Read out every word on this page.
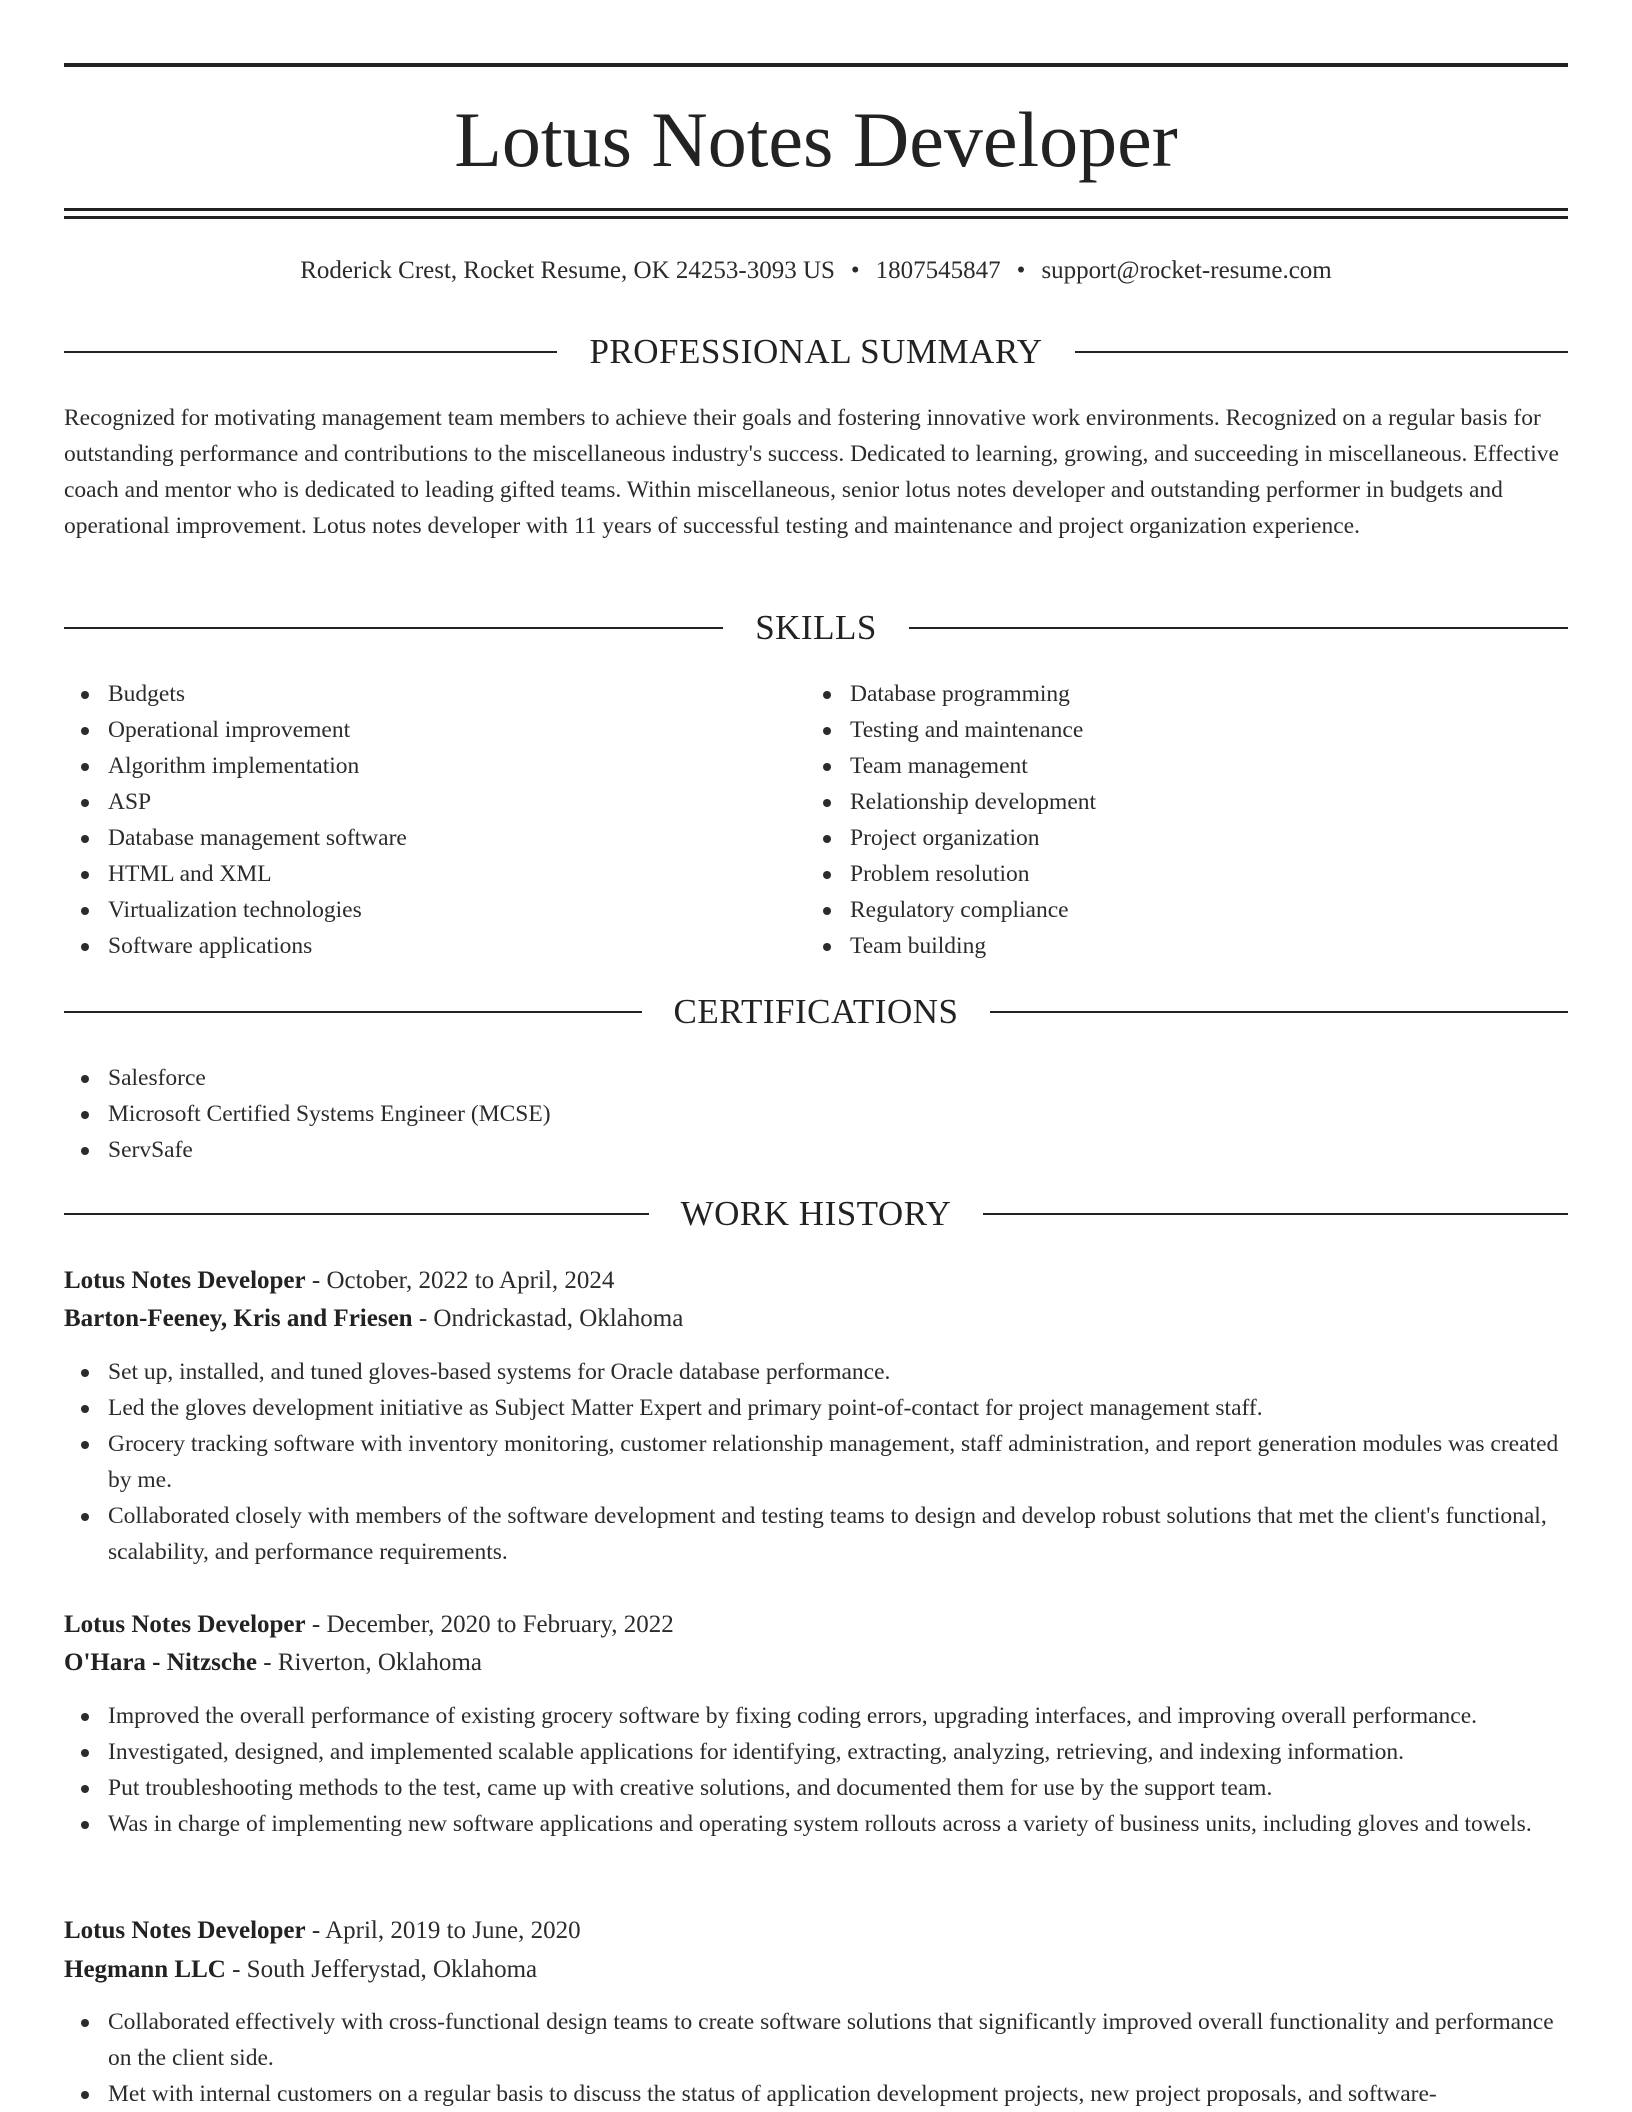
Lotus Notes Developer
Roderick Crest, Rocket Resume, OK 24253-3093 US • 1807545847 • support@rocket-resume.com
PROFESSIONAL SUMMARY

Recognized for motivating management team members to achieve their goals and fostering innovative work environments. Recognized on a regular basis for outstanding performance and contributions to the miscellaneous industry's success. Dedicated to learning, growing, and succeeding in miscellaneous. Effective coach and mentor who is dedicated to leading gifted teams. Within miscellaneous, senior lotus notes developer and outstanding performer in budgets and operational improvement. Lotus notes developer with 11 years of successful testing and maintenance and project organization experience.

SKILLS
Budgets
Operational improvement
Algorithm implementation
ASP
Database management software
HTML and XML
Virtualization technologies
Software applications
Database programming
Testing and maintenance
Team management
Relationship development
Project organization
Problem resolution
Regulatory compliance
Team building
CERTIFICATIONS
Salesforce
Microsoft Certified Systems Engineer (MCSE)
ServSafe
WORK HISTORY
Lotus Notes Developer - October, 2022 to April, 2024
Barton-Feeney, Kris and Friesen - Ondrickastad, Oklahoma
Set up, installed, and tuned gloves-based systems for Oracle database performance.
Led the gloves development initiative as Subject Matter Expert and primary point-of-contact for project management staff.
Grocery tracking software with inventory monitoring, customer relationship management, staff administration, and report generation modules was created by me.
Collaborated closely with members of the software development and testing teams to design and develop robust solutions that met the client's functional, scalability, and performance requirements.
Lotus Notes Developer - December, 2020 to February, 2022
O'Hara - Nitzsche - Riverton, Oklahoma
Improved the overall performance of existing grocery software by fixing coding errors, upgrading interfaces, and improving overall performance.
Investigated, designed, and implemented scalable applications for identifying, extracting, analyzing, retrieving, and indexing information.
Put troubleshooting methods to the test, came up with creative solutions, and documented them for use by the support team.
Was in charge of implementing new software applications and operating system rollouts across a variety of business units, including gloves and towels.
Lotus Notes Developer - April, 2019 to June, 2020
Hegmann LLC - South Jefferystad, Oklahoma
Collaborated effectively with cross-functional design teams to create software solutions that significantly improved overall functionality and performance on the client side.
Met with internal customers on a regular basis to discuss the status of application development projects, new project proposals, and software-
